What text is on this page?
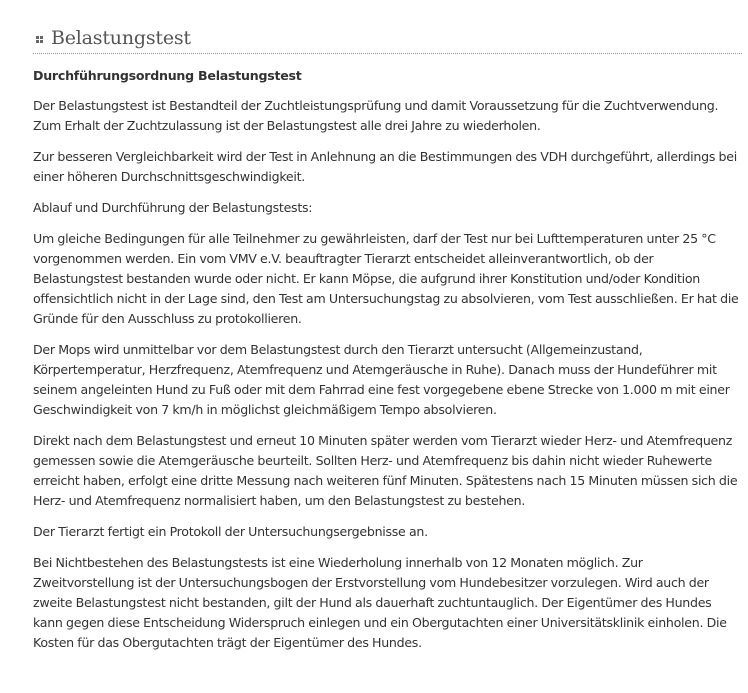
Belastungstest
Durchführungsordnung Belastungstest

Der Belastungstest ist Bestandteil der Zuchtleistungsprüfung und damit Voraussetzung für die Zuchtverwendung. Zum Erhalt der Zuchtzulassung ist der Belastungstest alle drei Jahre zu wiederholen.

Zur besseren Vergleichbarkeit wird der Test in Anlehnung an die Bestimmungen des VDH durchgeführt, allerdings bei einer höheren Durchschnittsgeschwindigkeit.

Ablauf und Durchführung der Belastungstests:

Um gleiche Bedingungen für alle Teilnehmer zu gewährleisten, darf der Test nur bei Lufttemperaturen unter 25 °C vorgenommen werden. Ein vom VMV e.V. beauftragter Tierarzt entscheidet alleinverantwortlich, ob der Belastungstest bestanden wurde oder nicht. Er kann Möpse, die aufgrund ihrer Konstitution und/oder Kondition offensichtlich nicht in der Lage sind, den Test am Untersuchungstag zu absolvieren, vom Test ausschließen. Er hat die Gründe für den Ausschluss zu protokollieren.

Der Mops wird unmittelbar vor dem Belastungstest durch den Tierarzt untersucht (Allgemeinzustand, Körpertemperatur, Herzfrequenz, Atemfrequenz und Atemgeräusche in Ruhe). Danach muss der Hundeführer mit seinem angeleinten Hund zu Fuß oder mit dem Fahrrad eine fest vorgegebene ebene Strecke von 1.000 m mit einer Geschwindigkeit von 7 km/h in möglichst gleichmäßigem Tempo absolvieren.

Direkt nach dem Belastungstest und erneut 10 Minuten später werden vom Tierarzt wieder Herz- und Atemfrequenz gemessen sowie die Atemgeräusche beurteilt. Sollten Herz- und Atemfrequenz bis dahin nicht wieder Ruhewerte erreicht haben, erfolgt eine dritte Messung nach weiteren fünf Minuten. Spätestens nach 15 Minuten müssen sich die Herz- und Atemfrequenz normalisiert haben, um den Belastungstest zu bestehen.

Der Tierarzt fertigt ein Protokoll der Untersuchungsergebnisse an.

Bei Nichtbestehen des Belastungstests ist eine Wiederholung innerhalb von 12 Monaten möglich. Zur Zweitvorstellung ist der Untersuchungsbogen der Erstvorstellung vom Hundebesitzer vorzulegen. Wird auch der zweite Belastungstest nicht bestanden, gilt der Hund als dauerhaft zuchtuntauglich. Der Eigentümer des Hundes kann gegen diese Entscheidung Widerspruch einlegen und ein Obergutachten einer Universitätsklinik einholen. Die Kosten für das Obergutachten trägt der Eigentümer des Hundes.
